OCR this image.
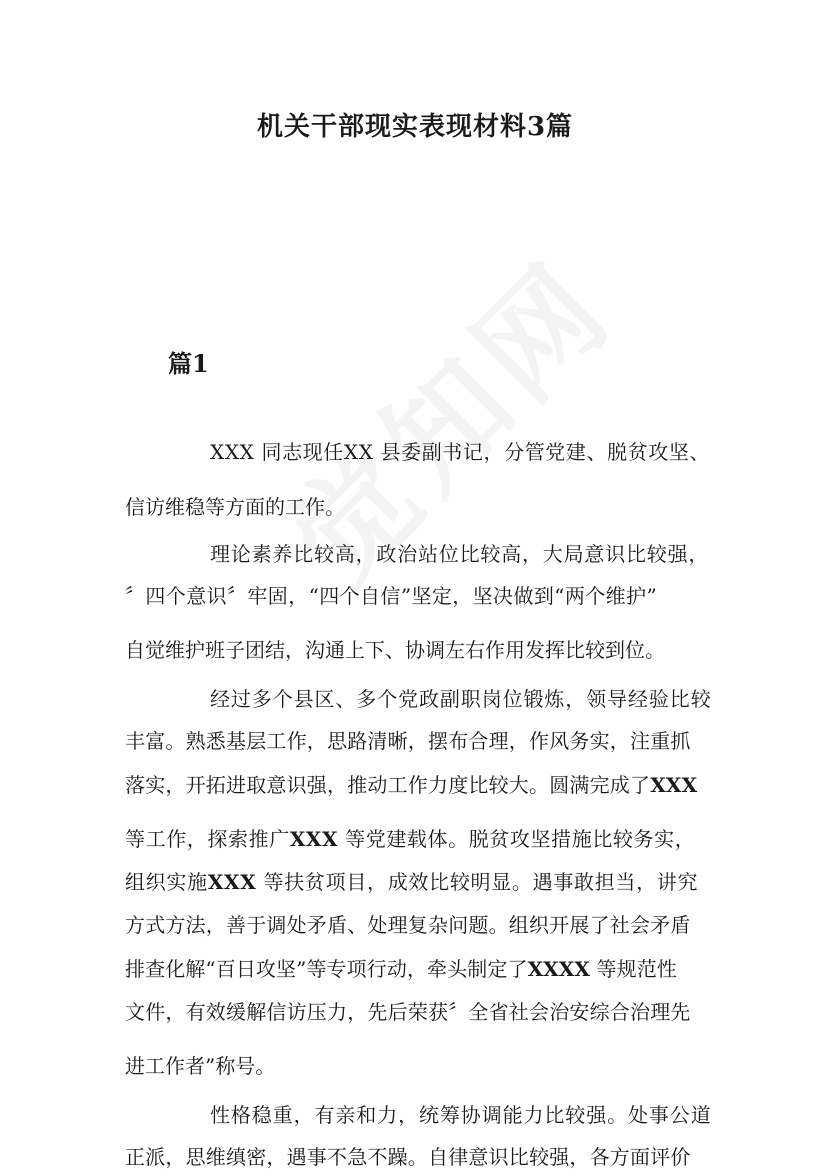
机关干部现实表现材料3篇
篇1
XXX 同志现任XX 县委副书记，分管党建、脱贫攻坚、
信访维稳等方面的工作。
理论素养比较高，政治站位比较高，大局意识比较强，
〞四个意识〞牢固，“四个自信”坚定，坚决做到“两个维护”
自觉维护班子团结，沟通上下、协调左右作用发挥比较到位。
经过多个县区、多个党政副职岗位锻炼，领导经验比较
丰富。熟悉基层工作，思路清晰，摆布合理，作风务实，注重抓
落实，开拓进取意识强，推动工作力度比较大。圆满完成了XXX
等工作，探索推广XXX 等党建载体。脱贫攻坚措施比较务实，
组织实施XXX 等扶贫项目，成效比较明显。遇事敢担当，讲究
方式方法，善于调处矛盾、处理复杂问题。组织开展了社会矛盾
排查化解“百日攻坚”等专项行动，牵头制定了XXXX 等规范性
文件，有效缓解信访压力，先后荣获〞全省社会治安综合治理先
进工作者”称号。
性格稳重，有亲和力，统筹协调能力比较强。处事公道
正派，思维缜密，遇事不急不躁。自律意识比较强，各方面评价
